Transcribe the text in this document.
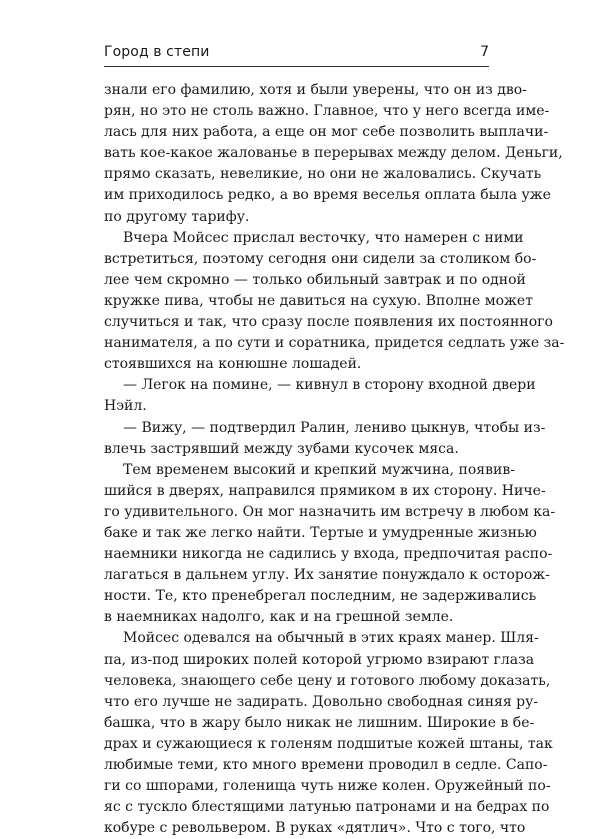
Город в степи	7
знали его фамилию, хотя и были уверены, что он из дво-
рян, но это не столь важно. Главное, что у него всегда име-
лась для них работа, а еще он мог себе позволить выплачи-
вать кое-какое жалованье в перерывах между делом. Деньги,
прямо сказать, невеликие, но они не жаловались. Скучать
им приходилось редко, а во время веселья оплата была уже
по другому тарифу.
Вчера Мойсес прислал весточку, что намерен с ними
встретиться, поэтому сегодня они сидели за столиком бо-
лее чем скромно — только обильный завтрак и по одной
кружке пива, чтобы не давиться на сухую. Вполне может
случиться и так, что сразу после появления их постоянного
нанимателя, а по сути и соратника, придется седлать уже за-
стоявшихся на конюшне лошадей.
— Легок на помине, — кивнул в сторону входной двери
Нэйл.
— Вижу, — подтвердил Ралин, лениво цыкнув, чтобы из-
влечь застрявший между зубами кусочек мяса.
Тем временем высокий и крепкий мужчина, появив-
шийся в дверях, направился прямиком в их сторону. Ниче-
го удивительного. Он мог назначить им встречу в любом ка-
баке и так же легко найти. Тертые и умудренные жизнью
наемники никогда не садились у входа, предпочитая распо-
лагаться в дальнем углу. Их занятие понуждало к осторож-
ности. Те, кто пренебрегал последним, не задерживались
в наемниках надолго, как и на грешной земле.
Мойсес одевался на обычный в этих краях манер. Шля-
па, из-под широких полей которой угрюмо взирают глаза
человека, знающего себе цену и готового любому доказать,
что его лучше не задирать. Довольно свободная синяя ру-
башка, что в жару было никак не лишним. Широкие в бе-
драх и сужающиеся к голеням подшитые кожей штаны, так
любимые теми, кто много времени проводил в седле. Сапо-
ги со шпорами, голенища чуть ниже колен. Оружейный по-
яс с тускло блестящими латунью патронами и на бедрах по
кобуре с револьвером. В руках «дятлич». Что с того, что
